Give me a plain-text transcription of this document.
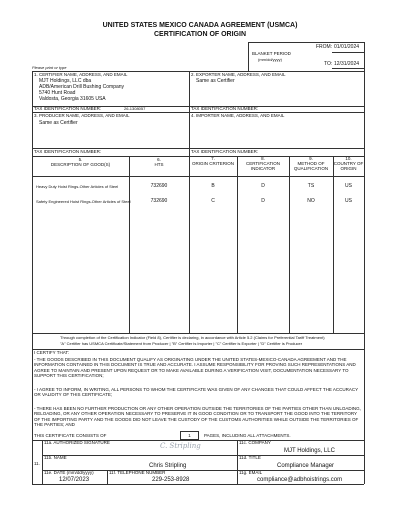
UNITED STATES MEXICO CANADA AGREEMENT (USMCA)
CERTIFICATION OF ORIGIN
BLANKET PERIOD
(mm/dd/yyyy)
FROM: 01/01/2024
TO: 12/31/2024
Please print or type
1. CERTIFIER NAME, ADDRESS, AND EMAIL
MJT Holdings, LLC dba
ADB/American Drill Bushing Company
5740 Hunt Road
Valdosta, Georgia 31605 USA
2. EXPORTER NAME, ADDRESS, AND EMAIL
Same as Certifier
TAX IDENTIFICATION NUMBER:	26-1308057	TAX IDENTIFICATION NUMBER:
3. PRODUCER NAME, ADDRESS, AND EMAIL
Same as Certifier
4. IMPORTER NAME, ADDRESS, AND EMAIL
TAX IDENTIFICATION NUMBER:	TAX IDENTIFICATION NUMBER:
5.
DESCRIPTION OF GOOD(S)
6.
HTS
7.
ORIGIN CRITERION
8.
CERTIFICATION INDICATOR
9.
METHOD OF QUALIFICATION
10.
COUNTRY OF ORIGIN
Heavy Duty Hoist Rings-Other Articles of Steel	732690	B	D	TS	US
Safety Engineered Hoist Rings-Other Articles of Steel	732690	C	D	NO	US
Through completion of the Certification Indicator (Field 8), Certifier is declaring, in accordance with Article 5.2 (Claims for Preferential Tariff Treatment)
"A" Certifier has USMCA Certificate/Statement from Producer | "B" Certifier is Importer | "C" Certifier is Exporter | "D" Certifier is Producer
I CERTIFY THAT:
- THE GOODS DESCRIBED IN THIS DOCUMENT QUALIFY AS ORIGINATING UNDER THE UNITED STATES-MEXICO-CANADA AGREEMENT AND THE INFORMATION CONTAINED IN THIS DOCUMENT IS TRUE AND ACCURATE. I ASSUME RESPONSIBILITY FOR PROVING SUCH REPRESENTATIONS AND AGREE TO MAINTAIN AND PRESENT UPON REQUEST OR TO MAKE AVAILABLE DURING A VERIFICATION VISIT, DOCUMENTATION NECESSARY TO SUPPORT THIS CERTIFICATION;
- I AGREE TO INFORM, IN WRITING, ALL PERSONS TO WHOM THE CERTIFICATE WAS GIVEN OF ANY CHANGES THAT COULD AFFECT THE ACCURACY OR VALIDITY OF THIS CERTIFICATE;
- THERE HAS BEEN NO FURTHER PRODUCTION OR ANY OTHER OPERATION OUTSIDE THE TERRITORIES OF THE PARTIES OTHER THAN UNLOADING, RELOADING, OR ANY OTHER OPERATION NECESSARY TO PRESERVE IT IN GOOD CONDITION OR TO TRANSPORT THE GOOD INTO THE TERRITORY OF THE IMPORTING PARTY AND THE GOODS DID NOT LEAVE THE CUSTODY OF THE CUSTOMS AUTHORITIES WHILE OUTSIDE THE TERRITORIES OF THE PARTIES; AND
THIS CERTIFICATE CONSISTS OF	1	PAGES, INCLUDING ALL ATTACHMENTS.
11.
11a. AUTHORIZED SIGNATURE	C. Stripling	11c. COMPANY
MJT Holdings, LLC
11b. NAME
Chris Stripling
11d. TITLE
Compliance Manager
11e. DATE (mm/dd/yyyy)
12/07/2023
11f. TELEPHONE NUMBER
229-253-8928
11g. EMAIL
compliance@adbhoistrings.com
